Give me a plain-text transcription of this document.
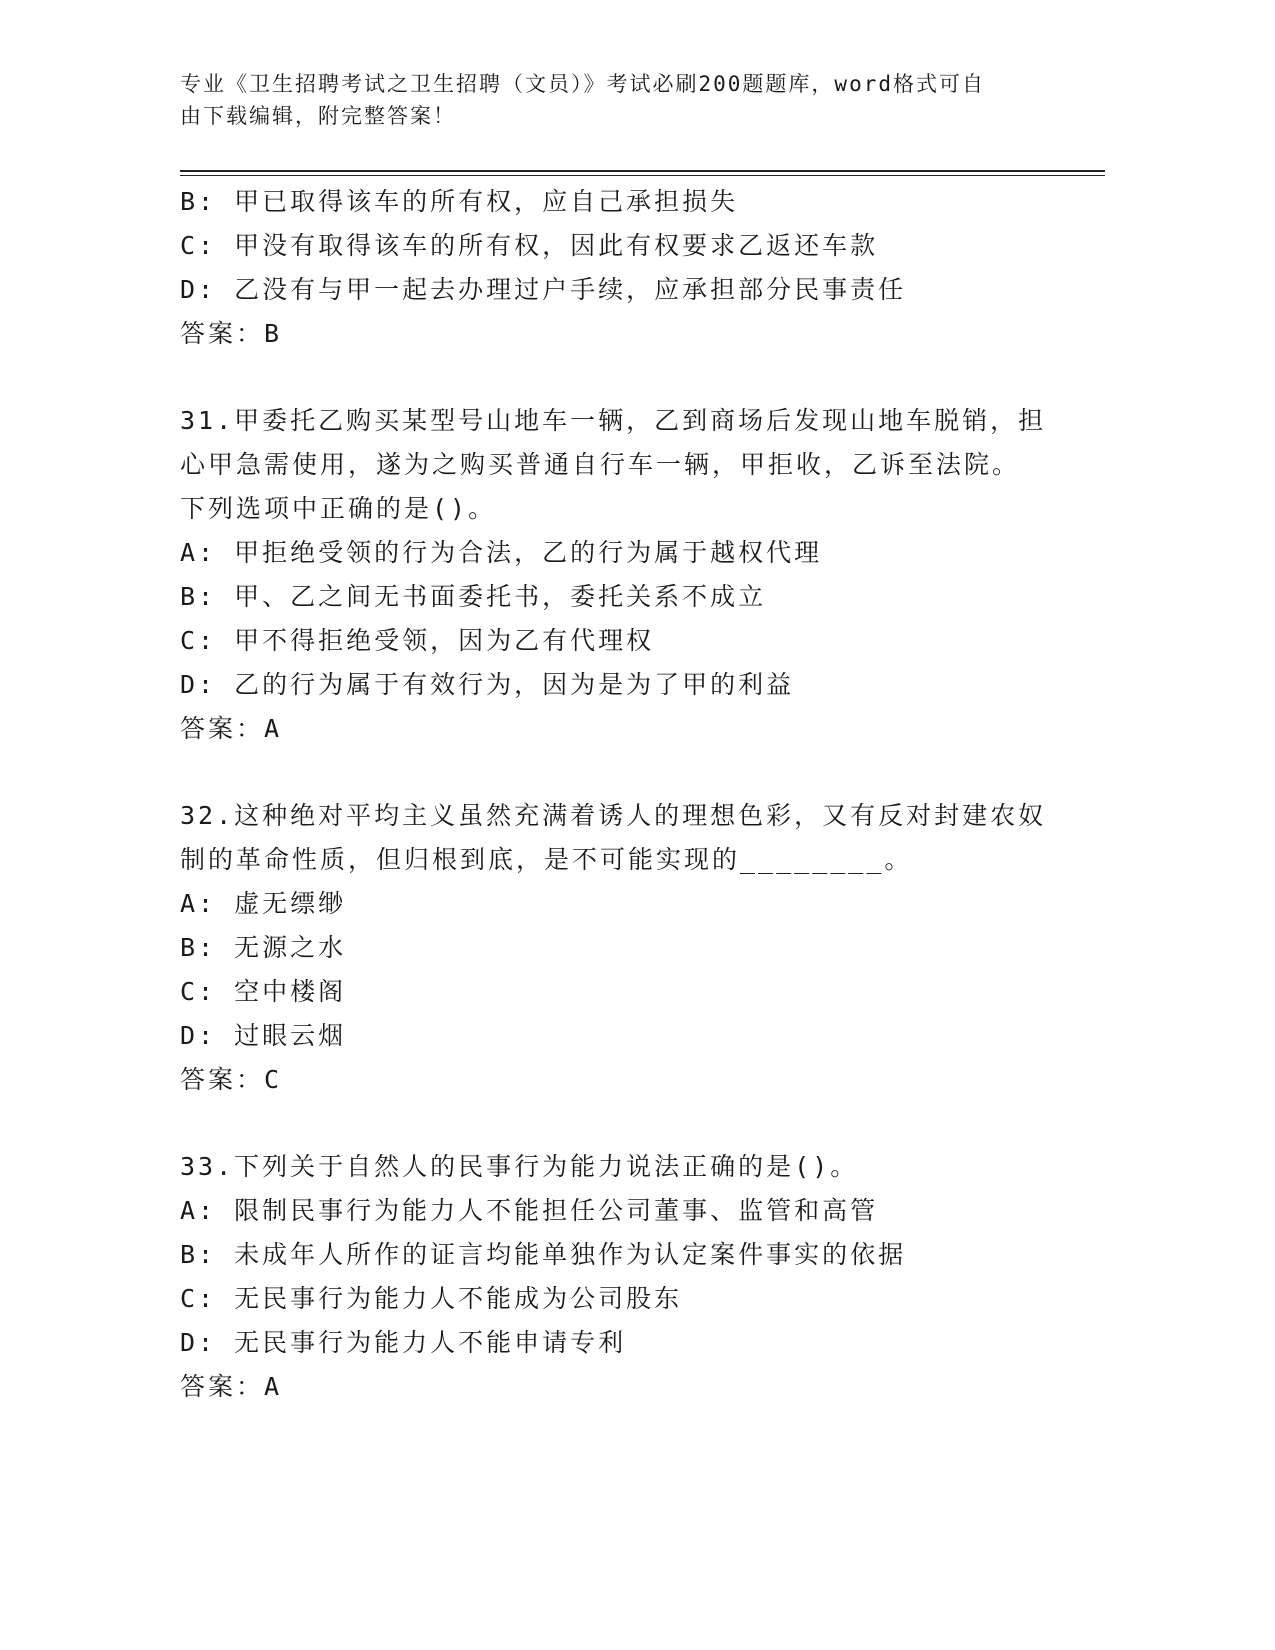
专业《卫生招聘考试之卫生招聘（文员）》考试必刷200题题库，word格式可自
由下载编辑，附完整答案！
B: 甲已取得该车的所有权，应自己承担损失
C: 甲没有取得该车的所有权，因此有权要求乙返还车款
D: 乙没有与甲一起去办理过户手续，应承担部分民事责任
答案：B
31.甲委托乙购买某型号山地车一辆，乙到商场后发现山地车脱销，担
心甲急需使用，遂为之购买普通自行车一辆，甲拒收，乙诉至法院。
下列选项中正确的是()。
A: 甲拒绝受领的行为合法，乙的行为属于越权代理
B: 甲、乙之间无书面委托书，委托关系不成立
C: 甲不得拒绝受领，因为乙有代理权
D: 乙的行为属于有效行为，因为是为了甲的利益
答案：A
32.这种绝对平均主义虽然充满着诱人的理想色彩，又有反对封建农奴
制的革命性质，但归根到底，是不可能实现的________。
A: 虚无缥缈
B: 无源之水
C: 空中楼阁
D: 过眼云烟
答案：C
33.下列关于自然人的民事行为能力说法正确的是()。
A: 限制民事行为能力人不能担任公司董事、监管和高管
B: 未成年人所作的证言均能单独作为认定案件事实的依据
C: 无民事行为能力人不能成为公司股东
D: 无民事行为能力人不能申请专利
答案：A
